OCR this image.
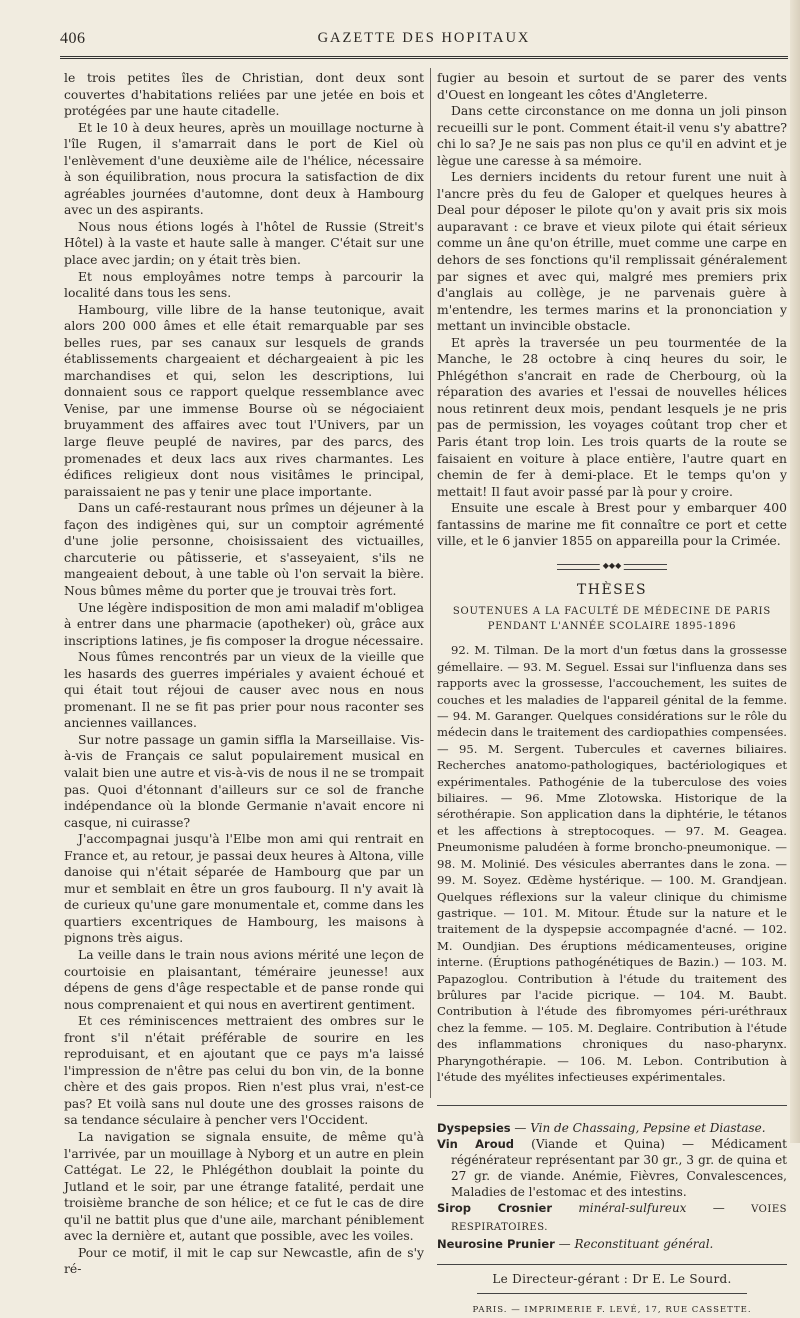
406	GAZETTE DES HOPITAUX

le trois petites îles de Christian, dont deux sont couvertes d'habitations reliées par une jetée en bois et protégées par une haute citadelle.

Et le 10 à deux heures, après un mouillage nocturne à l'île Rugen, il s'amarrait dans le port de Kiel où l'enlèvement d'une deuxième aile de l'hélice, nécessaire à son équilibration, nous procura la satisfaction de dix agréables journées d'automne, dont deux à Hambourg avec un des aspirants.

Nous nous étions logés à l'hôtel de Russie (Streit's Hôtel) à la vaste et haute salle à manger. C'était sur une place avec jardin; on y était très bien.

Et nous employâmes notre temps à parcourir la localité dans tous les sens.

Hambourg, ville libre de la hanse teutonique, avait alors 200 000 âmes et elle était remarquable par ses belles rues, par ses canaux sur lesquels de grands établissements chargeaient et déchargeaient à pic les marchandises et qui, selon les descriptions, lui donnaient sous ce rapport quelque ressemblance avec Venise, par une immense Bourse où se négociaient bruyamment des affaires avec tout l'Univers, par un large fleuve peuplé de navires, par des parcs, des promenades et deux lacs aux rives charmantes. Les édifices religieux dont nous visitâmes le principal, paraissaient ne pas y tenir une place importante.

Dans un café-restaurant nous prîmes un déjeuner à la façon des indigènes qui, sur un comptoir agrémenté d'une jolie personne, choisissaient des victuailles, charcuterie ou pâtisserie, et s'asseyaient, s'ils ne mangeaient debout, à une table où l'on servait la bière. Nous bûmes même du porter que je trouvai très fort.

Une légère indisposition de mon ami maladif m'obligea à entrer dans une pharmacie (apotheker) où, grâce aux inscriptions latines, je fis composer la drogue nécessaire.

Nous fûmes rencontrés par un vieux de la vieille que les hasards des guerres impériales y avaient échoué et qui était tout réjoui de causer avec nous en nous promenant. Il ne se fit pas prier pour nous raconter ses anciennes vaillances.

Sur notre passage un gamin siffla la Marseillaise. Vis-à-vis de Français ce salut populairement musical en valait bien une autre et vis-à-vis de nous il ne se trompait pas. Quoi d'étonnant d'ailleurs sur ce sol de franche indépendance où la blonde Germanie n'avait encore ni casque, ni cuirasse?

J'accompagnai jusqu'à l'Elbe mon ami qui rentrait en France et, au retour, je passai deux heures à Altona, ville danoise qui n'était séparée de Hambourg que par un mur et semblait en être un gros faubourg. Il n'y avait là de curieux qu'une gare monumentale et, comme dans les quartiers excentriques de Hambourg, les maisons à pignons très aigus.

La veille dans le train nous avions mérité une leçon de courtoisie en plaisantant, téméraire jeunesse! aux dépens de gens d'âge respectable et de panse ronde qui nous comprenaient et qui nous en avertirent gentiment.

Et ces réminiscences mettraient des ombres sur le front s'il n'était préférable de sourire en les reproduisant, et en ajoutant que ce pays m'a laissé l'impression de n'être pas celui du bon vin, de la bonne chère et des gais propos. Rien n'est plus vrai, n'est-ce pas? Et voilà sans nul doute une des grosses raisons de sa tendance séculaire à pencher vers l'Occident.

La navigation se signala ensuite, de même qu'à l'arrivée, par un mouillage à Nyborg et un autre en plein Cattégat. Le 22, le Phlégéthon doublait la pointe du Jutland et le soir, par une étrange fatalité, perdait une troisième branche de son hélice; et ce fut le cas de dire qu'il ne battit plus que d'une aile, marchant péniblement avec la dernière et, autant que possible, avec les voiles.

Pour ce motif, il mit le cap sur Newcastle, afin de s'y ré-

fugier au besoin et surtout de se parer des vents d'Ouest en longeant les côtes d'Angleterre.

Dans cette circonstance on me donna un joli pinson recueilli sur le pont. Comment était-il venu s'y abattre? chi lo sa? Je ne sais pas non plus ce qu'il en advint et je lègue une caresse à sa mémoire.

Les derniers incidents du retour furent une nuit à l'ancre près du feu de Galoper et quelques heures à Deal pour déposer le pilote qu'on y avait pris six mois auparavant : ce brave et vieux pilote qui était sérieux comme un âne qu'on étrille, muet comme une carpe en dehors de ses fonctions qu'il remplissait généralement par signes et avec qui, malgré mes premiers prix d'anglais au collège, je ne parvenais guère à m'entendre, les termes marins et la prononciation y mettant un invincible obstacle.

Et après la traversée un peu tourmentée de la Manche, le 28 octobre à cinq heures du soir, le Phlégéthon s'ancrait en rade de Cherbourg, où la réparation des avaries et l'essai de nouvelles hélices nous retinrent deux mois, pendant lesquels je ne pris pas de permission, les voyages coûtant trop cher et Paris étant trop loin. Les trois quarts de la route se faisaient en voiture à place entière, l'autre quart en chemin de fer à demi-place. Et le temps qu'on y mettait! Il faut avoir passé par là pour y croire.

Ensuite une escale à Brest pour y embarquer 400 fantassins de marine me fit connaître ce port et cette ville, et le 6 janvier 1855 on appareilla pour la Crimée.

◆◆◆
THÈSES
SOUTENUES A LA FACULTÉ DE MÉDECINE DE PARIS
PENDANT L'ANNÉE SCOLAIRE 1895-1896
92. M. Tilman. De la mort d'un fœtus dans la grossesse gémellaire. — 93. M. Seguel. Essai sur l'influenza dans ses rapports avec la grossesse, l'accouchement, les suites de couches et les maladies de l'appareil génital de la femme. — 94. M. Garanger. Quelques considérations sur le rôle du médecin dans le traitement des cardiopathies compensées. — 95. M. Sergent. Tubercules et cavernes biliaires. Recherches anatomo-pathologiques, bactériologiques et expérimentales. Pathogénie de la tuberculose des voies biliaires. — 96. Mme Zlotowska. Historique de la sérothérapie. Son application dans la diphtérie, le tétanos et les affections à streptocoques. — 97. M. Geagea. Pneumonisme paludéen à forme broncho-pneumonique. — 98. M. Molinié. Des vésicules aberrantes dans le zona. — 99. M. Soyez. Œdème hystérique. — 100. M. Grandjean. Quelques réflexions sur la valeur clinique du chimisme gastrique. — 101. M. Mitour. Étude sur la nature et le traitement de la dyspepsie accompagnée d'acné. — 102. M. Oundjian. Des éruptions médicamenteuses, origine interne. (Éruptions pathogénétiques de Bazin.) — 103. M. Papazoglou. Contribution à l'étude du traitement des brûlures par l'acide picrique. — 104. M. Baubt. Contribution à l'étude des fibromyomes péri-uréthraux chez la femme. — 105. M. Deglaire. Contribution à l'étude des inflammations chroniques du naso-pharynx. Pharyngothérapie. — 106. M. Lebon. Contribution à l'étude des myélites infectieuses expérimentales.

Dyspepsies — Vin de Chassaing, Pepsine et Diastase.

Vin Aroud (Viande et Quina) — Médicament régénérateur représentant par 30 gr., 3 gr. de quina et 27 gr. de viande. Anémie, Fièvres, Convalescences, Maladies de l'estomac et des intestins.

Sirop Crosnier minéral-sulfureux — VOIES RESPIRATOIRES.

Neurosine Prunier — Reconstituant général.

Le Directeur-gérant : Dr E. Le Sourd.
PARIS. — IMPRIMERIE F. LEVÉ, 17, RUE CASSETTE.
